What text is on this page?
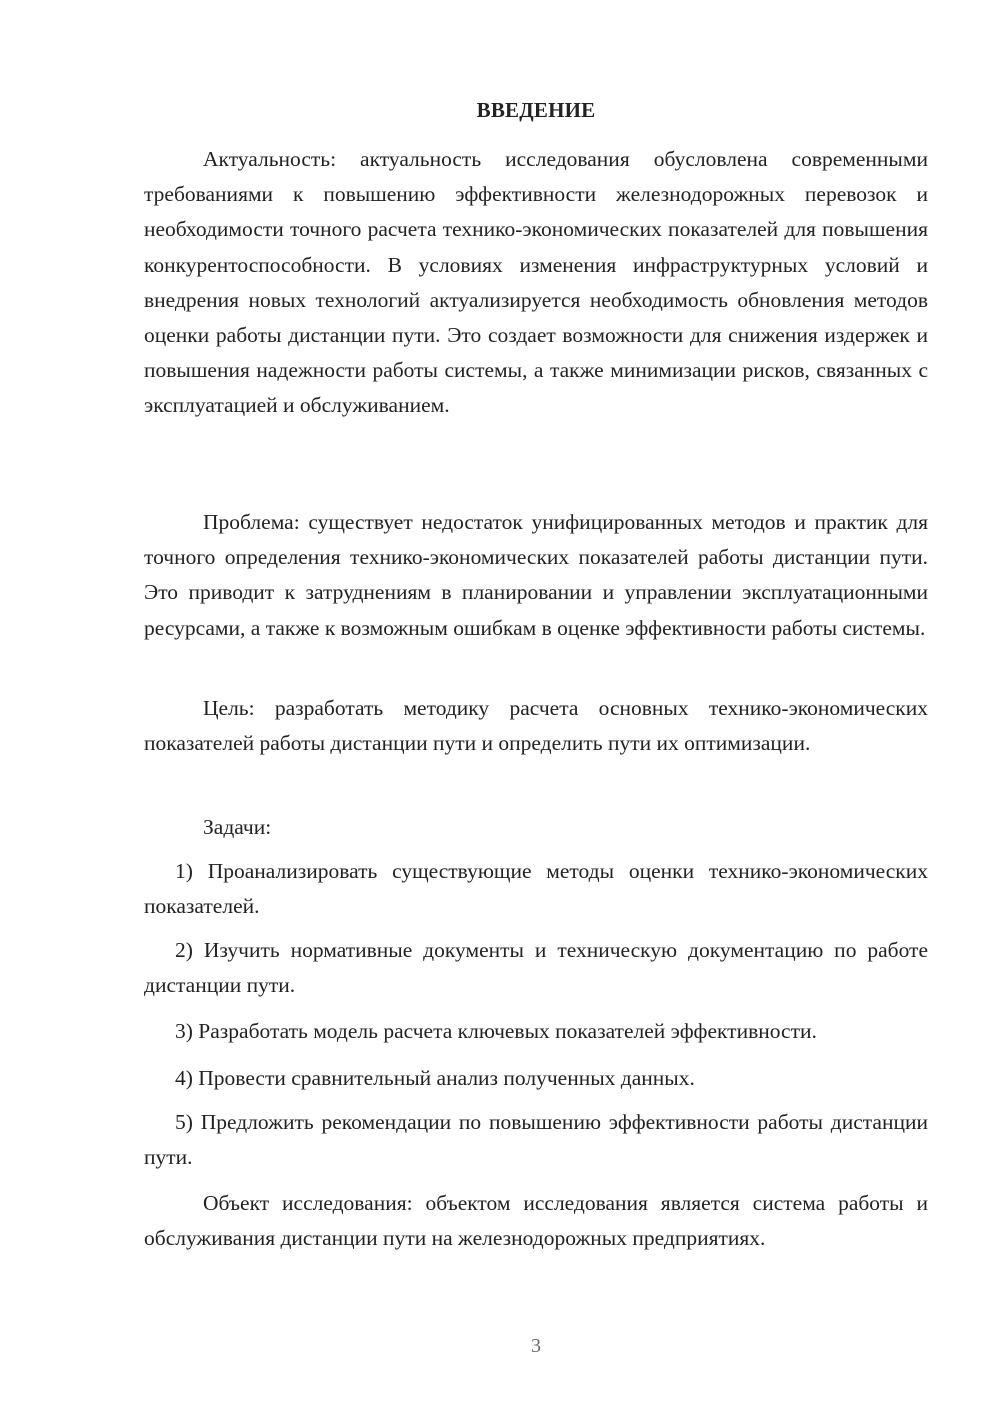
ВВЕДЕНИЕ

Актуальность: актуальность исследования обусловлена современными требованиями к повышению эффективности железнодорожных перевозок и необходимости точного расчета технико-экономических показателей для повышения конкурентоспособности. В условиях изменения инфраструктурных условий и внедрения новых технологий актуализируется необходимость обновления методов оценки работы дистанции пути. Это создает возможности для снижения издержек и повышения надежности работы системы, а также минимизации рисков, связанных с эксплуатацией и обслуживанием.

Проблема: существует недостаток унифицированных методов и практик для точного определения технико-экономических показателей работы дистанции пути. Это приводит к затруднениям в планировании и управлении эксплуатационными ресурсами, а также к возможным ошибкам в оценке эффективности работы системы.

Цель: разработать методику расчета основных технико-экономических показателей работы дистанции пути и определить пути их оптимизации.

Задачи:

1) Проанализировать существующие методы оценки технико-экономических показателей.

2) Изучить нормативные документы и техническую документацию по работе дистанции пути.

3) Разработать модель расчета ключевых показателей эффективности.

4) Провести сравнительный анализ полученных данных.

5) Предложить рекомендации по повышению эффективности работы дистанции пути.

Объект исследования: объектом исследования является система работы и обслуживания дистанции пути на железнодорожных предприятиях.

3
